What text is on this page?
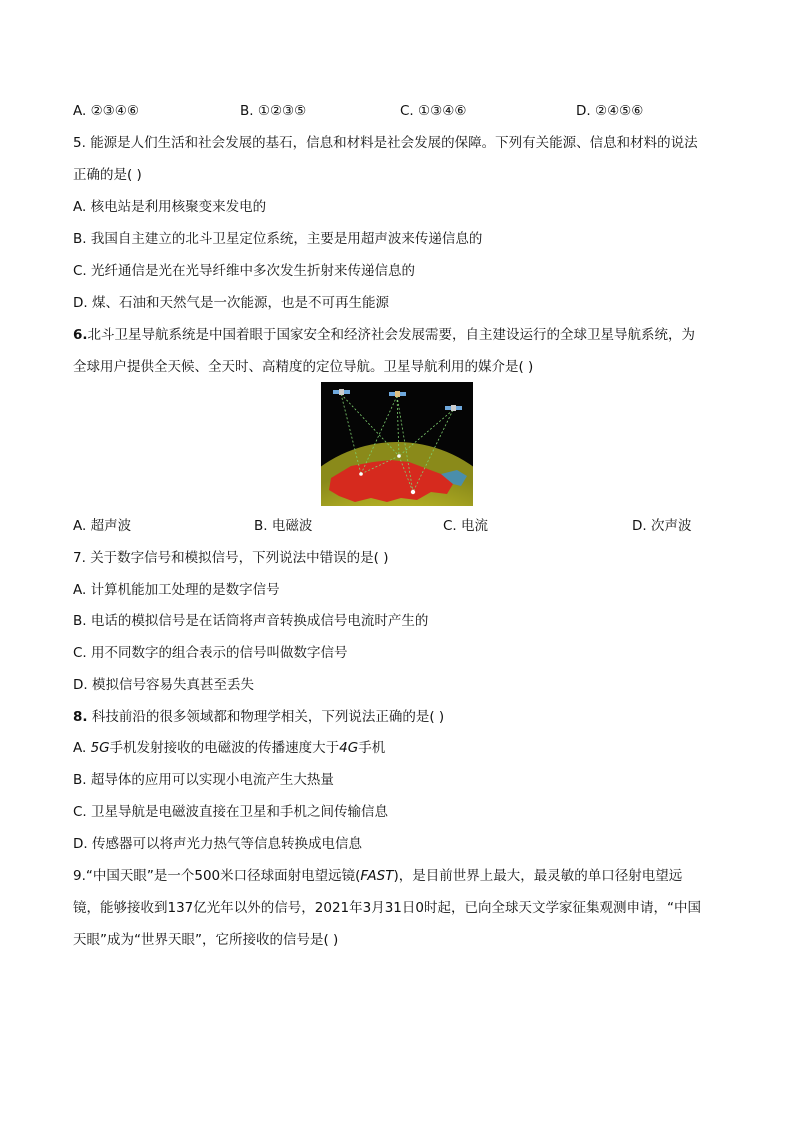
A. ②③④⑥	B. ①②③⑤	C. ①③④⑥	D. ②④⑤⑥
5. 能源是人们生活和社会发展的基石，信息和材料是社会发展的保障。下列有关能源、信息和材料的说法
正确的是( )
A. 核电站是利用核聚变来发电的
B. 我国自主建立的北斗卫星定位系统，主要是用超声波来传递信息的
C. 光纤通信是光在光导纤维中多次发生折射来传递信息的
D. 煤、石油和天然气是一次能源，也是不可再生能源
6.北斗卫星导航系统是中国着眼于国家安全和经济社会发展需要，自主建设运行的全球卫星导航系统，为
全球用户提供全天候、全天时、高精度的定位导航。卫星导航利用的媒介是( )
A. 超声波	B. 电磁波	C. 电流	D. 次声波
7. 关于数字信号和模拟信号，下列说法中错误的是( )
A. 计算机能加工处理的是数字信号
B. 电话的模拟信号是在话筒将声音转换成信号电流时产生的
C. 用不同数字的组合表示的信号叫做数字信号
D. 模拟信号容易失真甚至丢失
8. 科技前沿的很多领域都和物理学相关，下列说法正确的是( )
A. 5G手机发射接收的电磁波的传播速度大于4G手机
B. 超导体的应用可以实现小电流产生大热量
C. 卫星导航是电磁波直接在卫星和手机之间传输信息
D. 传感器可以将声光力热气等信息转换成电信息
9.“中国天眼”是一个500米口径球面射电望远镜(FAST)，是目前世界上最大，最灵敏的单口径射电望远
镜，能够接收到137亿光年以外的信号，2021年3月31日0时起，已向全球天文学家征集观测申请，“中国
天眼”成为“世界天眼”，它所接收的信号是( )
